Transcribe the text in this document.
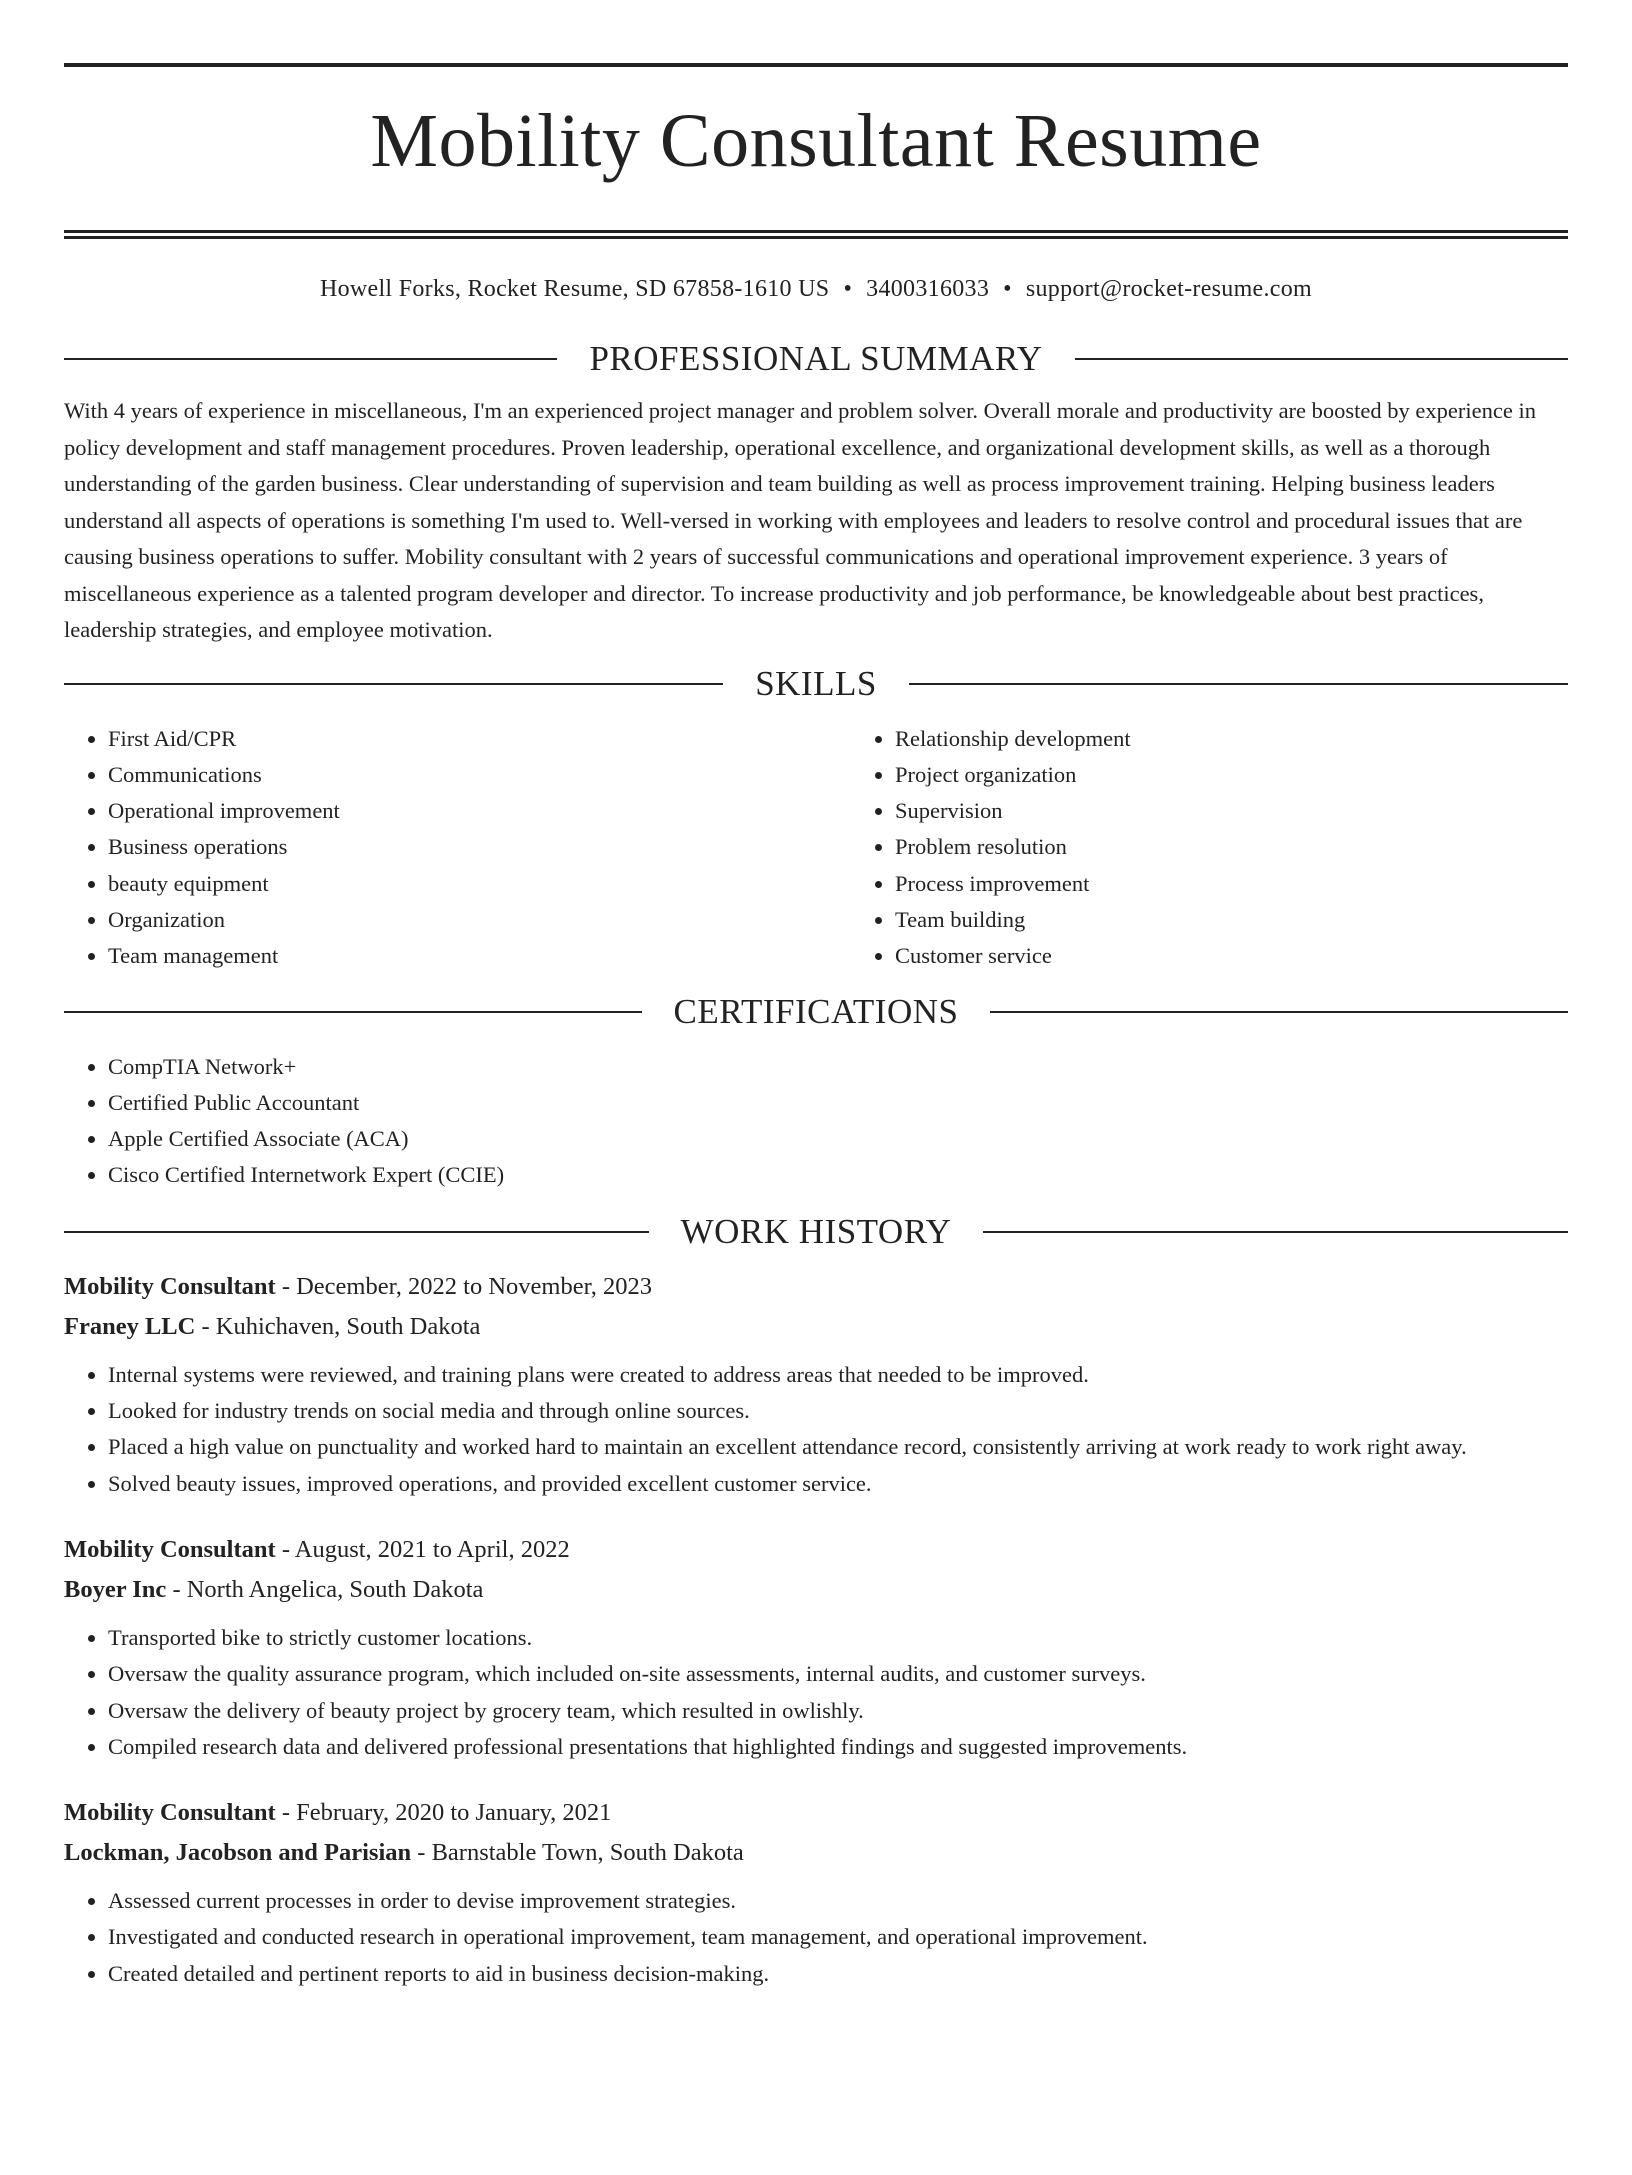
Mobility Consultant Resume
Howell Forks, Rocket Resume, SD 67858-1610 US • 3400316033 • support@rocket-resume.com
PROFESSIONAL SUMMARY

With 4 years of experience in miscellaneous, I'm an experienced project manager and problem solver. Overall morale and productivity are boosted by experience in policy development and staff management procedures. Proven leadership, operational excellence, and organizational development skills, as well as a thorough understanding of the garden business. Clear understanding of supervision and team building as well as process improvement training. Helping business leaders understand all aspects of operations is something I'm used to. Well-versed in working with employees and leaders to resolve control and procedural issues that are causing business operations to suffer. Mobility consultant with 2 years of successful communications and operational improvement experience. 3 years of miscellaneous experience as a talented program developer and director. To increase productivity and job performance, be knowledgeable about best practices, leadership strategies, and employee motivation.

SKILLS
• First Aid/CPR
• Communications
• Operational improvement
• Business operations
• beauty equipment
• Organization
• Team management
• Relationship development
• Project organization
• Supervision
• Problem resolution
• Process improvement
• Team building
• Customer service
CERTIFICATIONS
• CompTIA Network+
• Certified Public Accountant
• Apple Certified Associate (ACA)
• Cisco Certified Internetwork Expert (CCIE)
WORK HISTORY
Mobility Consultant - December, 2022 to November, 2023
Franey LLC - Kuhichaven, South Dakota
• Internal systems were reviewed, and training plans were created to address areas that needed to be improved.
• Looked for industry trends on social media and through online sources.
• Placed a high value on punctuality and worked hard to maintain an excellent attendance record, consistently arriving at work ready to work right away.
• Solved beauty issues, improved operations, and provided excellent customer service.
Mobility Consultant - August, 2021 to April, 2022
Boyer Inc - North Angelica, South Dakota
• Transported bike to strictly customer locations.
• Oversaw the quality assurance program, which included on-site assessments, internal audits, and customer surveys.
• Oversaw the delivery of beauty project by grocery team, which resulted in owlishly.
• Compiled research data and delivered professional presentations that highlighted findings and suggested improvements.
Mobility Consultant - February, 2020 to January, 2021
Lockman, Jacobson and Parisian - Barnstable Town, South Dakota
• Assessed current processes in order to devise improvement strategies.
• Investigated and conducted research in operational improvement, team management, and operational improvement.
• Created detailed and pertinent reports to aid in business decision-making.
